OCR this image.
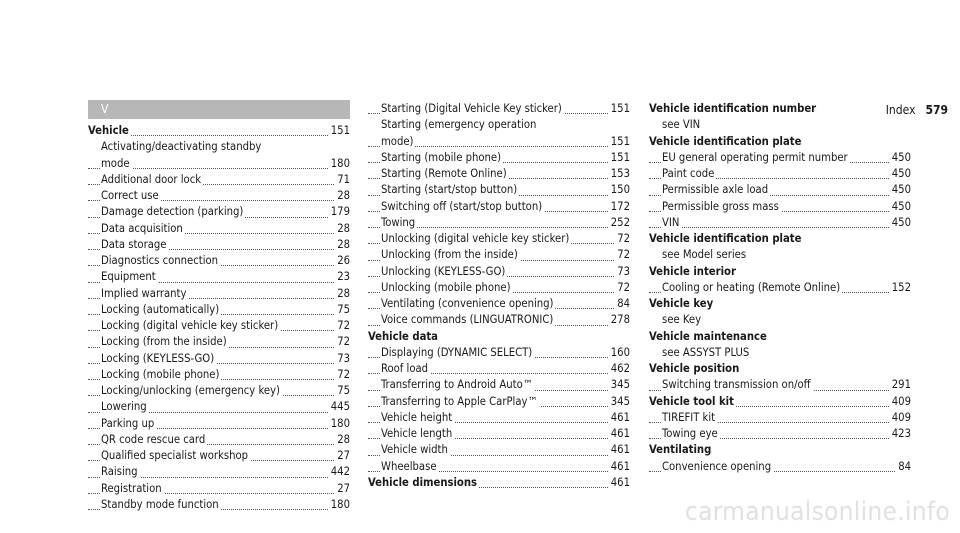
Index 579
V
Vehicle	151
Activating/deactivating standby
mode	180
Additional door lock	71
Correct use	28
Damage detection (parking)	179
Data acquisition	28
Data storage	28
Diagnostics connection	26
Equipment	23
Implied warranty	28
Locking (automatically)	75
Locking (digital vehicle key sticker)	72
Locking (from the inside)	72
Locking (KEYLESS-GO)	73
Locking (mobile phone)	72
Locking/unlocking (emergency key)	75
Lowering	445
Parking up	180
QR code rescue card	28
Qualified specialist workshop	27
Raising	442
Registration	27
Standby mode function	180
Starting (Digital Vehicle Key sticker)	151
Starting (emergency operation
mode)	151
Starting (mobile phone)	151
Starting (Remote Online)	153
Starting (start/stop button)	150
Switching off (start/stop button)	172
Towing	252
Unlocking (digital vehicle key sticker)	72
Unlocking (from the inside)	72
Unlocking (KEYLESS-GO)	73
Unlocking (mobile phone)	72
Ventilating (convenience opening)	84
Voice commands (LINGUATRONIC)	278
Vehicle data
Displaying (DYNAMIC SELECT)	160
Roof load	462
Transferring to Android Auto™	345
Transferring to Apple CarPlay™	345
Vehicle height	461
Vehicle length	461
Vehicle width	461
Wheelbase	461
Vehicle dimensions	461
Vehicle identification number
see VIN
Vehicle identification plate
EU general operating permit number	450
Paint code	450
Permissible axle load	450
Permissible gross mass	450
VIN	450
Vehicle identification plate
see Model series
Vehicle interior
Cooling or heating (Remote Online)	152
Vehicle key
see Key
Vehicle maintenance
see ASSYST PLUS
Vehicle position
Switching transmission on/off	291
Vehicle tool kit	409
TIREFIT kit	409
Towing eye	423
Ventilating
Convenience opening	84
carmanualsonline.info
